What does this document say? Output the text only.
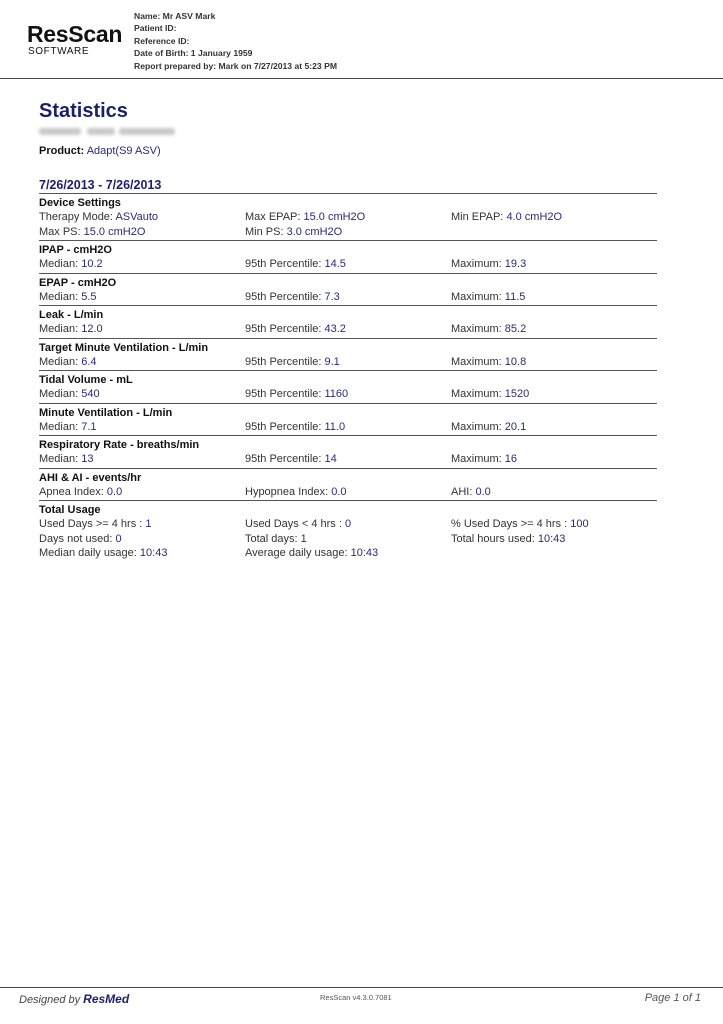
ResScan
SOFTWARE
Name: Mr ASV Mark
Patient ID:
Reference ID:
Date of Birth: 1 January 1959
Report prepared by: Mark on 7/27/2013 at 5:23 PM
Statistics
Product: Adapt(S9 ASV)
7/26/2013 - 7/26/2013
Device Settings
Therapy Mode: ASVauto	Max EPAP: 15.0 cmH2O	Min EPAP: 4.0 cmH2O
Max PS: 15.0 cmH2O	Min PS: 3.0 cmH2O
IPAP - cmH2O
Median: 10.2	95th Percentile: 14.5	Maximum: 19.3
EPAP - cmH2O
Median: 5.5	95th Percentile: 7.3	Maximum: 11.5
Leak - L/min
Median: 12.0	95th Percentile: 43.2	Maximum: 85.2
Target Minute Ventilation - L/min
Median: 6.4	95th Percentile: 9.1	Maximum: 10.8
Tidal Volume - mL
Median: 540	95th Percentile: 1160	Maximum: 1520
Minute Ventilation - L/min
Median: 7.1	95th Percentile: 11.0	Maximum: 20.1
Respiratory Rate - breaths/min
Median: 13	95th Percentile: 14	Maximum: 16
AHI & AI - events/hr
Apnea Index: 0.0	Hypopnea Index: 0.0	AHI: 0.0
Total Usage
Used Days >= 4 hrs : 1	Used Days < 4 hrs : 0	% Used Days >= 4 hrs : 100
Days not used: 0	Total days: 1	Total hours used: 10:43
Median daily usage: 10:43	Average daily usage: 10:43
Designed by ResMed	ResScan v4.3.0.7081	Page 1 of 1
